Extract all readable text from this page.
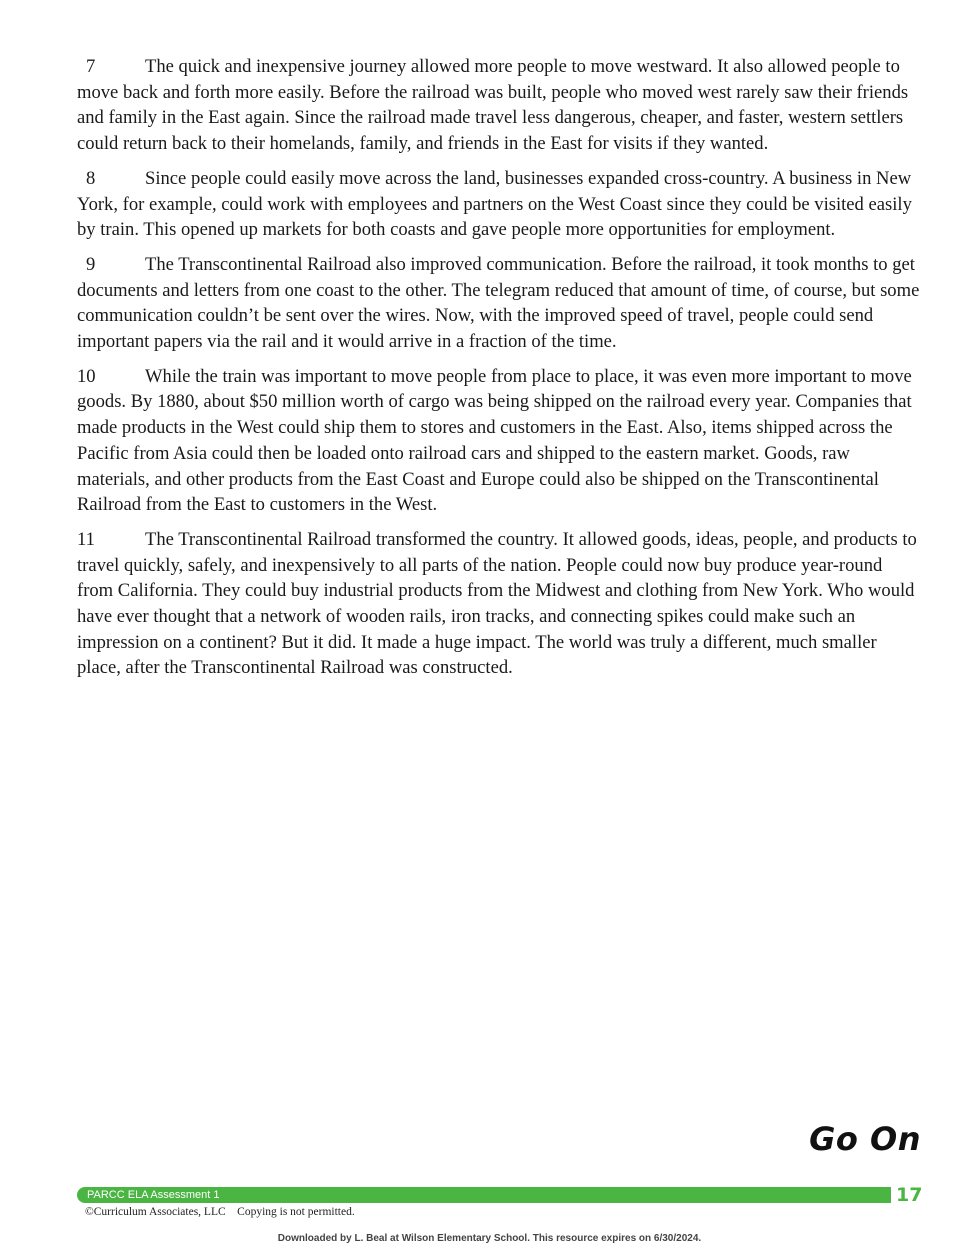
7	The quick and inexpensive journey allowed more people to move westward. It also allowed people to move back and forth more easily. Before the railroad was built, people who moved west rarely saw their friends and family in the East again. Since the railroad made travel less dangerous, cheaper, and faster, western settlers could return back to their homelands, family, and friends in the East for visits if they wanted.

8	Since people could easily move across the land, businesses expanded cross-country. A business in New York, for example, could work with employees and partners on the West Coast since they could be visited easily by train. This opened up markets for both coasts and gave people more opportunities for employment.

9	The Transcontinental Railroad also improved communication. Before the railroad, it took months to get documents and letters from one coast to the other. The telegram reduced that amount of time, of course, but some communication couldn’t be sent over the wires. Now, with the improved speed of travel, people could send important papers via the rail and it would arrive in a fraction of the time.

10	While the train was important to move people from place to place, it was even more important to move goods. By 1880, about $50 million worth of cargo was being shipped on the railroad every year. Companies that made products in the West could ship them to stores and customers in the East. Also, items shipped across the Pacific from Asia could then be loaded onto railroad cars and shipped to the eastern market. Goods, raw materials, and other products from the East Coast and Europe could also be shipped on the Transcontinental Railroad from the East to customers in the West.

11	The Transcontinental Railroad transformed the country. It allowed goods, ideas, people, and products to travel quickly, safely, and inexpensively to all parts of the nation. People could now buy produce year-round from California. They could buy industrial products from the Midwest and clothing from New York. Who would have ever thought that a network of wooden rails, iron tracks, and connecting spikes could make such an impression on a continent? But it did. It made a huge impact. The world was truly a different, much smaller place, after the Transcontinental Railroad was constructed.

Go On
PARCC ELA Assessment 1	17
©Curriculum Associates, LLC    Copying is not permitted.
Downloaded by L. Beal at Wilson Elementary School. This resource expires on 6/30/2024.
